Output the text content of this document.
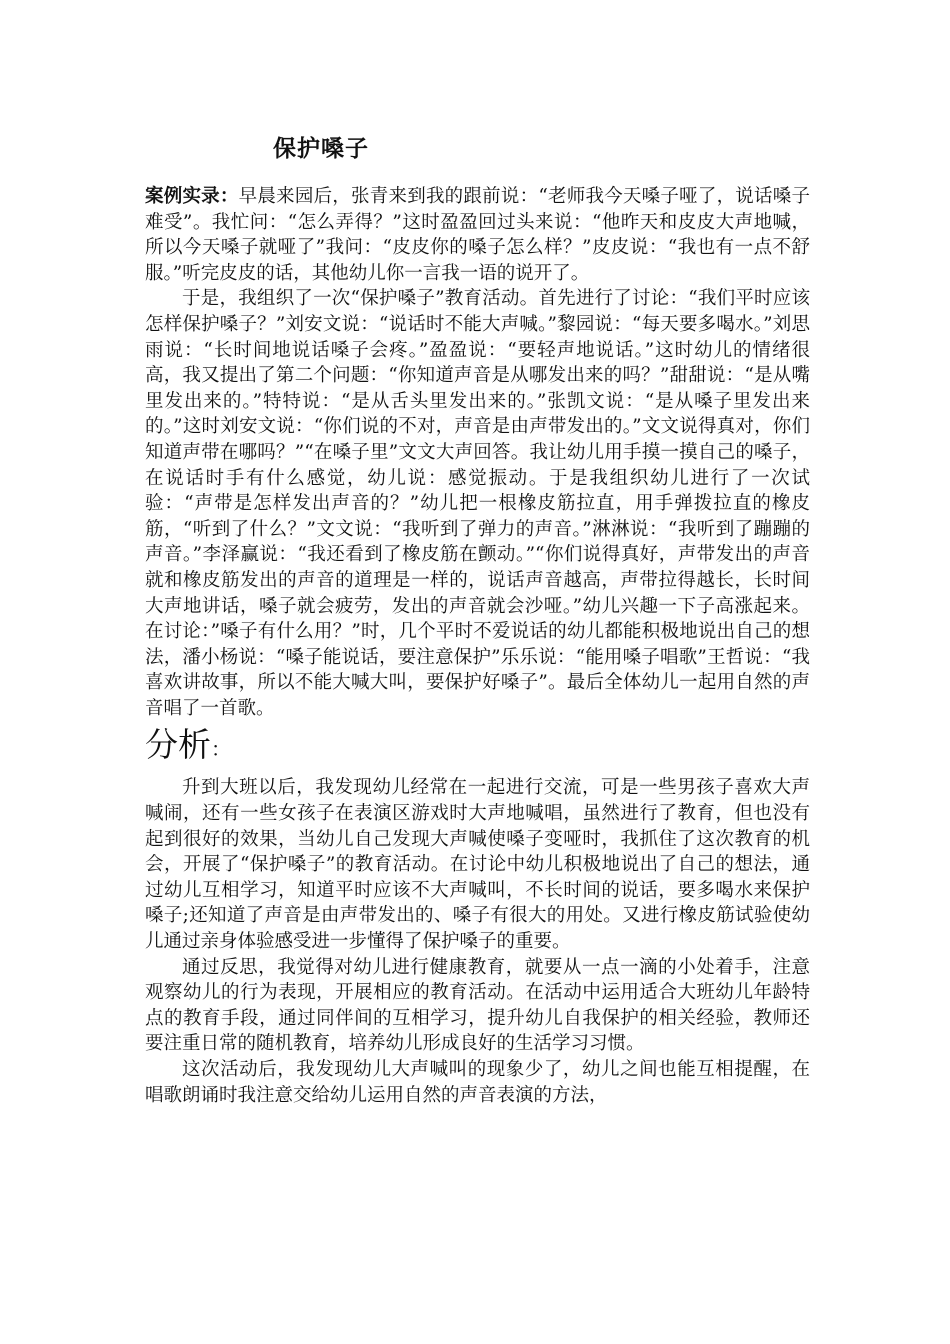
保护嗓子

案例实录：早晨来园后，张青来到我的跟前说：“老师我今天嗓子哑了，说话嗓子难受”。我忙问：“怎么弄得？”这时盈盈回过头来说：“他昨天和皮皮大声地喊，所以今天嗓子就哑了”我问：“皮皮你的嗓子怎么样？”皮皮说：“我也有一点不舒服。”听完皮皮的话，其他幼儿你一言我一语的说开了。

于是，我组织了一次“保护嗓子”教育活动。首先进行了讨论：“我们平时应该怎样保护嗓子？”刘安文说：“说话时不能大声喊。”黎园说：“每天要多喝水。”刘思雨说：“长时间地说话嗓子会疼。”盈盈说：“要轻声地说话。”这时幼儿的情绪很高，我又提出了第二个问题：“你知道声音是从哪发出来的吗？”甜甜说：“是从嘴里发出来的。”特特说：“是从舌头里发出来的。”张凯文说：“是从嗓子里发出来的。”这时刘安文说：“你们说的不对，声音是由声带发出的。”文文说得真对，你们知道声带在哪吗？”“在嗓子里”文文大声回答。我让幼儿用手摸一摸自己的嗓子，在说话时手有什么感觉，幼儿说：感觉振动。于是我组织幼儿进行了一次试验：“声带是怎样发出声音的？”幼儿把一根橡皮筋拉直，用手弹拨拉直的橡皮筋，“听到了什么？”文文说：“我听到了弹力的声音。”淋淋说：“我听到了蹦蹦的声音。”李泽赢说：“我还看到了橡皮筋在颤动。”“你们说得真好，声带发出的声音就和橡皮筋发出的声音的道理是一样的，说话声音越高，声带拉得越长，长时间大声地讲话，嗓子就会疲劳，发出的声音就会沙哑。”幼儿兴趣一下子高涨起来。在讨论：”嗓子有什么用？”时，几个平时不爱说话的幼儿都能积极地说出自己的想法，潘小杨说：“嗓子能说话，要注意保护”乐乐说：“能用嗓子唱歌”王哲说：“我喜欢讲故事，所以不能大喊大叫，要保护好嗓子”。最后全体幼儿一起用自然的声音唱了一首歌。

分析：

升到大班以后，我发现幼儿经常在一起进行交流，可是一些男孩子喜欢大声喊闹，还有一些女孩子在表演区游戏时大声地喊唱，虽然进行了教育，但也没有起到很好的效果，当幼儿自己发现大声喊使嗓子变哑时，我抓住了这次教育的机会，开展了“保护嗓子”的教育活动。在讨论中幼儿积极地说出了自己的想法，通过幼儿互相学习，知道平时应该不大声喊叫，不长时间的说话，要多喝水来保护嗓子;还知道了声音是由声带发出的、嗓子有很大的用处。又进行橡皮筋试验使幼儿通过亲身体验感受进一步懂得了保护嗓子的重要。

通过反思，我觉得对幼儿进行健康教育，就要从一点一滴的小处着手，注意观察幼儿的行为表现，开展相应的教育活动。在活动中运用适合大班幼儿年龄特点的教育手段，通过同伴间的互相学习，提升幼儿自我保护的相关经验，教师还要注重日常的随机教育，培养幼儿形成良好的生活学习习惯。

这次活动后，我发现幼儿大声喊叫的现象少了，幼儿之间也能互相提醒，在唱歌朗诵时我注意交给幼儿运用自然的声音表演的方法，
